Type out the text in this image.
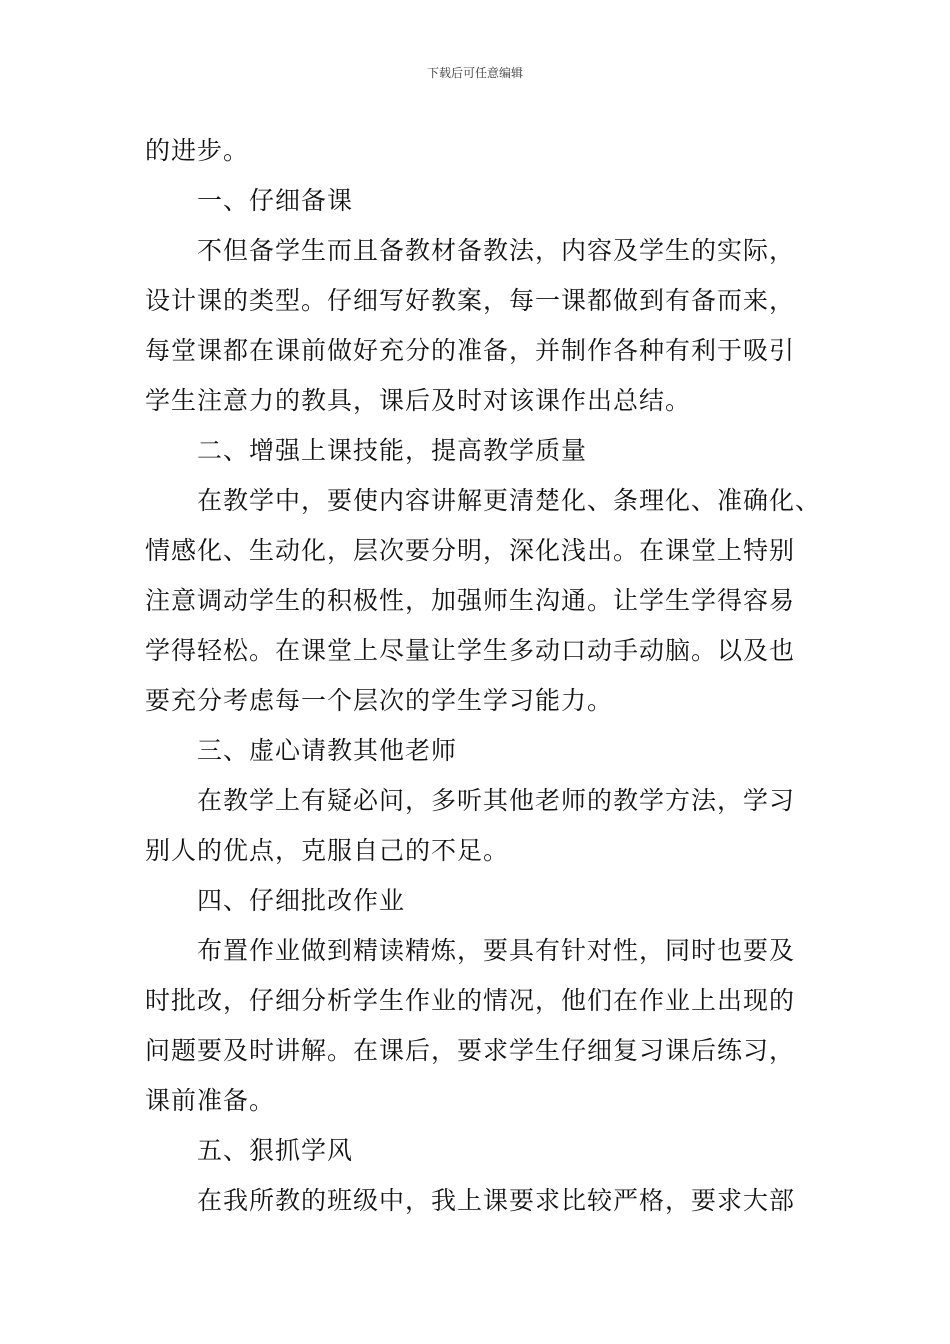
下载后可任意编辑
的进步。
一、仔细备课
不但备学生而且备教材备教法，内容及学生的实际，
设计课的类型。仔细写好教案，每一课都做到有备而来，
每堂课都在课前做好充分的准备，并制作各种有利于吸引
学生注意力的教具，课后及时对该课作出总结。
二、增强上课技能，提高教学质量
在教学中，要使内容讲解更清楚化、条理化、准确化、
情感化、生动化，层次要分明，深化浅出。在课堂上特别
注意调动学生的积极性，加强师生沟通。让学生学得容易
学得轻松。在课堂上尽量让学生多动口动手动脑。以及也
要充分考虑每一个层次的学生学习能力。
三、虚心请教其他老师
在教学上有疑必问，多听其他老师的教学方法，学习
别人的优点，克服自己的不足。
四、仔细批改作业
布置作业做到精读精炼，要具有针对性，同时也要及
时批改，仔细分析学生作业的情况，他们在作业上出现的
问题要及时讲解。在课后，要求学生仔细复习课后练习，
课前准备。
五、狠抓学风
在我所教的班级中，我上课要求比较严格，要求大部
